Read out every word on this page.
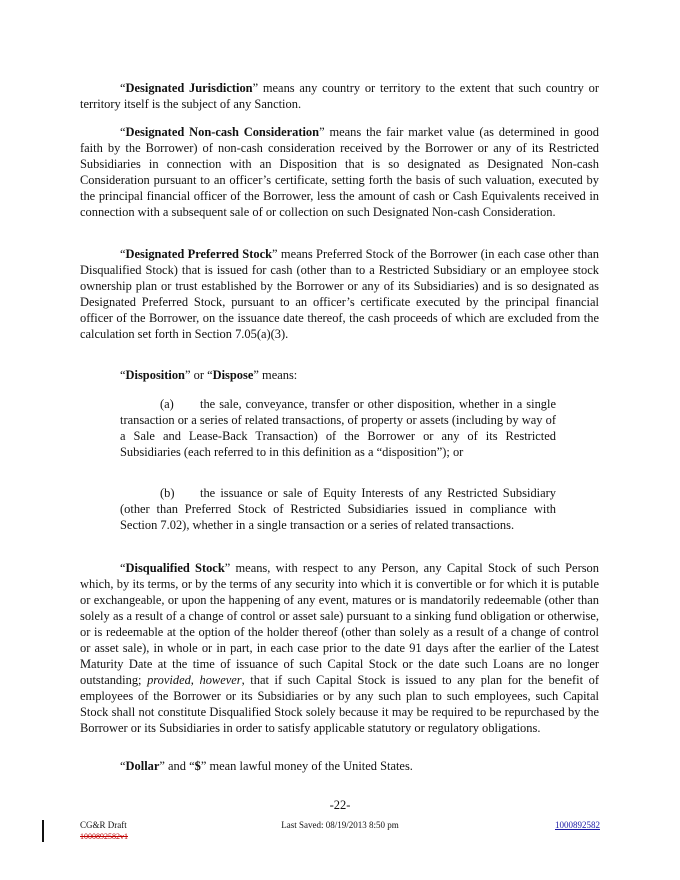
“Designated Jurisdiction” means any country or territory to the extent that such country or territory itself is the subject of any Sanction.

“Designated Non-cash Consideration” means the fair market value (as determined in good faith by the Borrower) of non-cash consideration received by the Borrower or any of its Restricted Subsidiaries in connection with an Disposition that is so designated as Designated Non-cash Consideration pursuant to an officer’s certificate, setting forth the basis of such valuation, executed by the principal financial officer of the Borrower, less the amount of cash or Cash Equivalents received in connection with a subsequent sale of or collection on such Designated Non-cash Consideration.

“Designated Preferred Stock” means Preferred Stock of the Borrower (in each case other than Disqualified Stock) that is issued for cash (other than to a Restricted Subsidiary or an employee stock ownership plan or trust established by the Borrower or any of its Subsidiaries) and is so designated as Designated Preferred Stock, pursuant to an officer’s certificate executed by the principal financial officer of the Borrower, on the issuance date thereof, the cash proceeds of which are excluded from the calculation set forth in Section 7.05(a)(3).

“Disposition” or “Dispose” means:

(a) the sale, conveyance, transfer or other disposition, whether in a single transaction or a series of related transactions, of property or assets (including by way of a Sale and Lease-Back Transaction) of the Borrower or any of its Restricted Subsidiaries (each referred to in this definition as a “disposition”); or

(b) the issuance or sale of Equity Interests of any Restricted Subsidiary (other than Preferred Stock of Restricted Subsidiaries issued in compliance with Section 7.02), whether in a single transaction or a series of related transactions.

“Disqualified Stock” means, with respect to any Person, any Capital Stock of such Person which, by its terms, or by the terms of any security into which it is convertible or for which it is putable or exchangeable, or upon the happening of any event, matures or is mandatorily redeemable (other than solely as a result of a change of control or asset sale) pursuant to a sinking fund obligation or otherwise, or is redeemable at the option of the holder thereof (other than solely as a result of a change of control or asset sale), in whole or in part, in each case prior to the date 91 days after the earlier of the Latest Maturity Date at the time of issuance of such Capital Stock or the date such Loans are no longer outstanding; provided, however, that if such Capital Stock is issued to any plan for the benefit of employees of the Borrower or its Subsidiaries or by any such plan to such employees, such Capital Stock shall not constitute Disqualified Stock solely because it may be required to be repurchased by the Borrower or its Subsidiaries in order to satisfy applicable statutory or regulatory obligations.

“Dollar” and “$” mean lawful money of the United States.

-22-
CG&R Draft
1000892582v1
Last Saved: 08/19/2013 8:50 pm	1000892582
